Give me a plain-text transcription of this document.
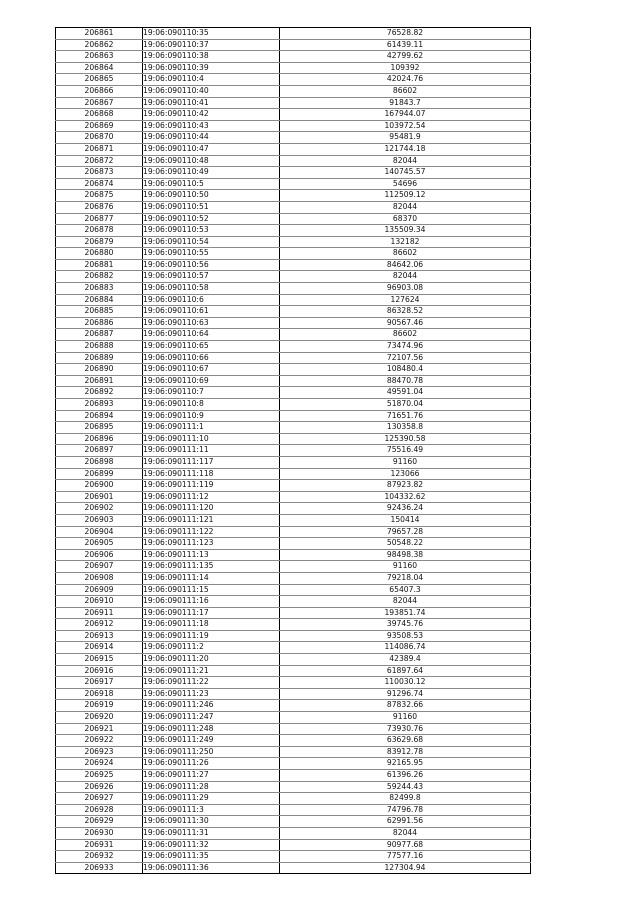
206861	19:06:090110:35	76528.82
206862	19:06:090110:37	61439.11
206863	19:06:090110:38	42799.62
206864	19:06:090110:39	109392
206865	19:06:090110:4	42024.76
206866	19:06:090110:40	86602
206867	19:06:090110:41	91843.7
206868	19:06:090110:42	167944.07
206869	19:06:090110:43	103972.54
206870	19:06:090110:44	95481.9
206871	19:06:090110:47	121744.18
206872	19:06:090110:48	82044
206873	19:06:090110:49	140745.57
206874	19:06:090110:5	54696
206875	19:06:090110:50	112509.12
206876	19:06:090110:51	82044
206877	19:06:090110:52	68370
206878	19:06:090110:53	135509.34
206879	19:06:090110:54	132182
206880	19:06:090110:55	86602
206881	19:06:090110:56	84642.06
206882	19:06:090110:57	82044
206883	19:06:090110:58	96903.08
206884	19:06:090110:6	127624
206885	19:06:090110:61	86328.52
206886	19:06:090110:63	90567.46
206887	19:06:090110:64	86602
206888	19:06:090110:65	73474.96
206889	19:06:090110:66	72107.56
206890	19:06:090110:67	108480.4
206891	19:06:090110:69	88470.78
206892	19:06:090110:7	49591.04
206893	19:06:090110:8	51870.04
206894	19:06:090110:9	71651.76
206895	19:06:090111:1	130358.8
206896	19:06:090111:10	125390.58
206897	19:06:090111:11	75516.49
206898	19:06:090111:117	91160
206899	19:06:090111:118	123066
206900	19:06:090111:119	87923.82
206901	19:06:090111:12	104332.62
206902	19:06:090111:120	92436.24
206903	19:06:090111:121	150414
206904	19:06:090111:122	79657.28
206905	19:06:090111:123	50548.22
206906	19:06:090111:13	98498.38
206907	19:06:090111:135	91160
206908	19:06:090111:14	79218.04
206909	19:06:090111:15	65407.3
206910	19:06:090111:16	82044
206911	19:06:090111:17	193851.74
206912	19:06:090111:18	39745.76
206913	19:06:090111:19	93508.53
206914	19:06:090111:2	114086.74
206915	19:06:090111:20	42389.4
206916	19:06:090111:21	61897.64
206917	19:06:090111:22	110030.12
206918	19:06:090111:23	91296.74
206919	19:06:090111:246	87832.66
206920	19:06:090111:247	91160
206921	19:06:090111:248	73930.76
206922	19:06:090111:249	63629.68
206923	19:06:090111:250	83912.78
206924	19:06:090111:26	92165.95
206925	19:06:090111:27	61396.26
206926	19:06:090111:28	59244.43
206927	19:06:090111:29	82499.8
206928	19:06:090111:3	74796.78
206929	19:06:090111:30	62991.56
206930	19:06:090111:31	82044
206931	19:06:090111:32	90977.68
206932	19:06:090111:35	77577.16
206933	19:06:090111:36	127304.94
